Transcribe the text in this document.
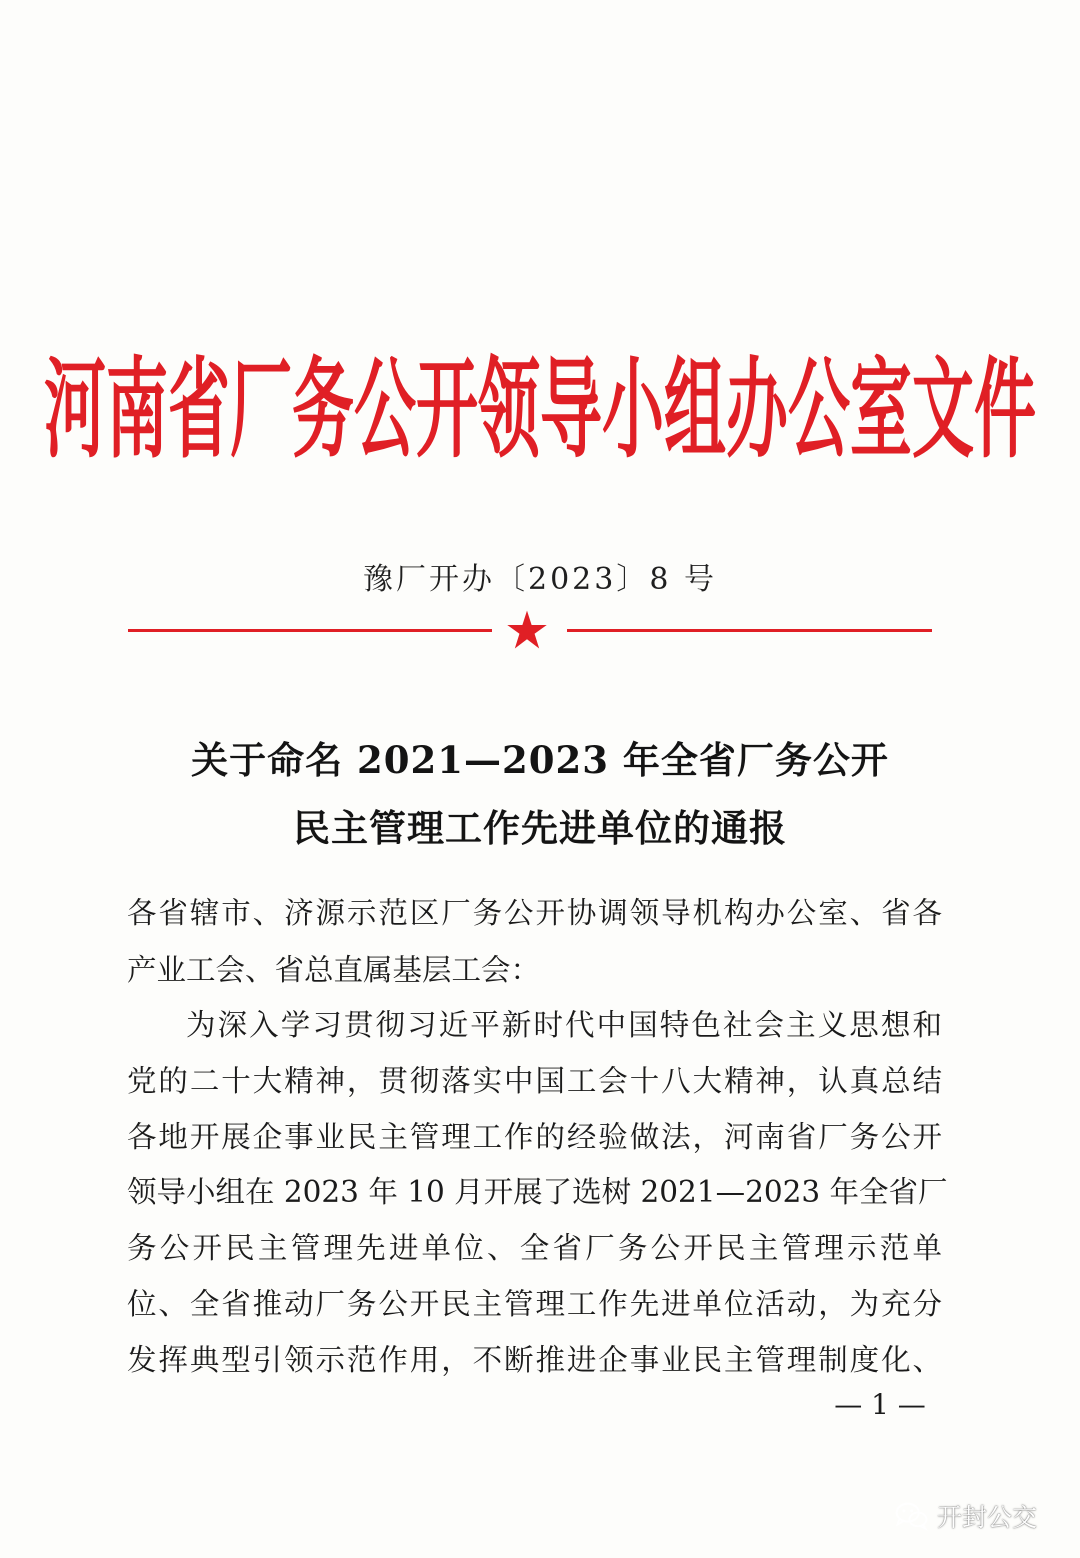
河南省厂务公开领导小组办公室文件
豫厂开办〔2023〕8 号
关于命名 2021—2023 年全省厂务公开
民主管理工作先进单位的通报
各省辖市、济源示范区厂务公开协调领导机构办公室、省各
产业工会、省总直属基层工会：
为深入学习贯彻习近平新时代中国特色社会主义思想和
党的二十大精神，贯彻落实中国工会十八大精神，认真总结
各地开展企事业民主管理工作的经验做法，河南省厂务公开
领导小组在 2023 年 10 月开展了选树 2021—2023 年全省厂
务公开民主管理先进单位、全省厂务公开民主管理示范单
位、全省推动厂务公开民主管理工作先进单位活动，为充分
发挥典型引领示范作用，不断推进企事业民主管理制度化、
— 1 —
开封公交
